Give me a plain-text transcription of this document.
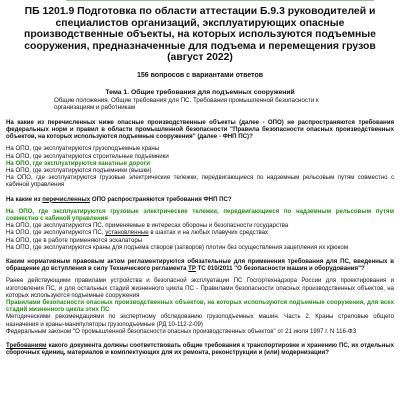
ПБ 1201.9 Подготовка по области аттестации Б.9.3 руководителей и
специалистов организаций, эксплуатирующих опасные
производственные объекты, на которых используются подъемные
сооружения, предназначенные для подъема и перемещения грузов
(август 2022)
156 вопросов с вариантами ответов
Тема 1. Общие требования для подъемных сооружений
Общие положения. Общие требования для ПС. Требования промышленной безопасности к
организациям и работникам

На какие из перечисленных ниже опасные производственные объекты (далее - ОПО) не распространяются требования федеральных норм и правил в области промышленной безопасности "Правила безопасности опасных производственных объектов, на которых используются подъемные сооружения" (далее - ФНП ПС)?

На ОПО, где эксплуатируются грузоподъемные краны
На ОПО, где эксплуатируются строительные подъемники
На ОПО, где эксплуатируются канатные дороги
На ОПО, где эксплуатируются подъемники (вышки)
На ОПО, где эксплуатируются грузовые электрические тележки, передвигающиеся по надземным рельсовым путям совместно с кабиной управления

На какие из перечисленных ОПО распространяются требования ФНП ПС?

На ОПО, где эксплуатируются грузовые электрические тележки, передвигающиеся по надземным рельсовым путям совместно с кабиной управления
На ОПО, где эксплуатируются ПС, применяемые в интересах обороны и безопасности государства
На ОПО, где эксплуатируются ПС, установленные в шахтах и на любых плавучих средствах
На ОПО, где в работе применяются эскалаторы
На ОПО, где эксплуатируются краны для подъема створов (затворов) плотин без осуществления зацепления их крюком

Каким нормативным правовым актом регламентируются обязательные для применения требования для ПС, введенных в обращение до вступления в силу Технического регламента ТР ТС 010/2011 "О безопасности машин и оборудования"?

Ранее действующими правилами устройства и безопасной эксплуатации ПС Госгортехнадзора России для проектирования и изготовления ПС, и для остальных стадий жизненного цикла ПС - Правилами безопасности опасных производственных объектов, на которых используются подъемные сооружения
Правилами безопасности опасных производственных объектов, на которых используются подъемные сооружения, для всех стадий жизненного цикла этих ПС
Методическими рекомендациями по экспертному обследованию грузоподъемных машин. Часть 2. Краны стреловые общего назначения и краны-манипуляторы грузоподъемные (РД 10-112-2-09)
Федеральным законом "О промышленной безопасности опасных производственных объектов" от 21 июля 1997 г. N 116-ФЗ

Требованиям какого документа должны соответствовать общие требования к транспортировке и хранению ПС, их отдельных сборочных единиц, материалов и комплектующих для их ремонта, реконструкции и (или) модернизации?
